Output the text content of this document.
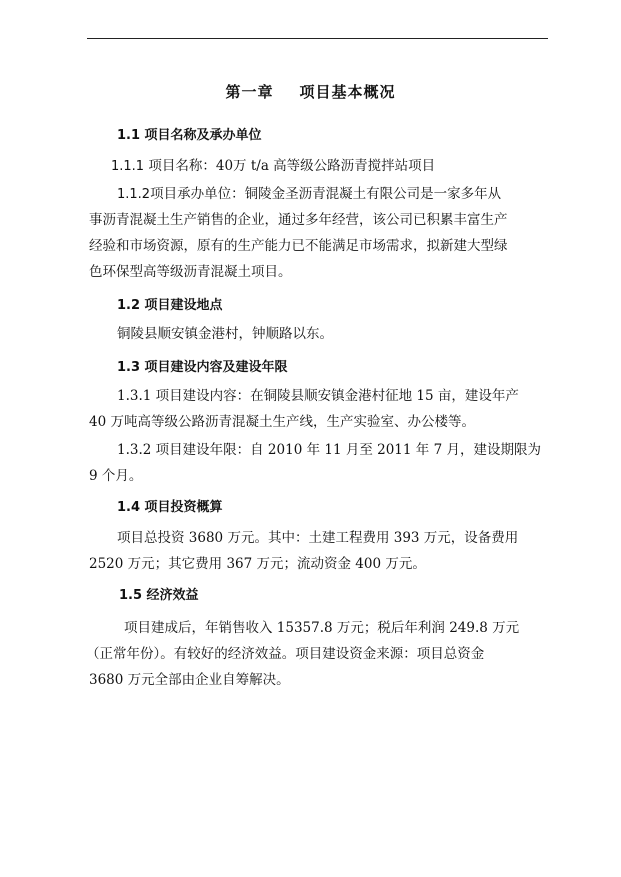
第一章 项目基本概况
1.1 项目名称及承办单位
1.1.1 项目名称：40万 t/a 高等级公路沥青搅拌站项目
1.1.2项目承办单位：铜陵金圣沥青混凝土有限公司是一家多年从
事沥青混凝土生产销售的企业，通过多年经营，该公司已积累丰富生产
经验和市场资源，原有的生产能力已不能满足市场需求，拟新建大型绿
色环保型高等级沥青混凝土项目。
1.2 项目建设地点
铜陵县顺安镇金港村，钟顺路以东。
1.3 项目建设内容及建设年限
1.3.1 项目建设内容：在铜陵县顺安镇金港村征地 15 亩，建设年产
40 万吨高等级公路沥青混凝土生产线，生产实验室、办公楼等。
1.3.2 项目建设年限：自 2010 年 11 月至 2011 年 7 月，建设期限为
9 个月。
1.4 项目投资概算
项目总投资 3680 万元。其中：土建工程费用 393 万元，设备费用
2520 万元；其它费用 367 万元；流动资金 400 万元。
1.5 经济效益
项目建成后，年销售收入 15357.8 万元；税后年利润 249.8 万元
（正常年份）。有较好的经济效益。项目建设资金来源：项目总资金
3680 万元全部由企业自筹解决。
